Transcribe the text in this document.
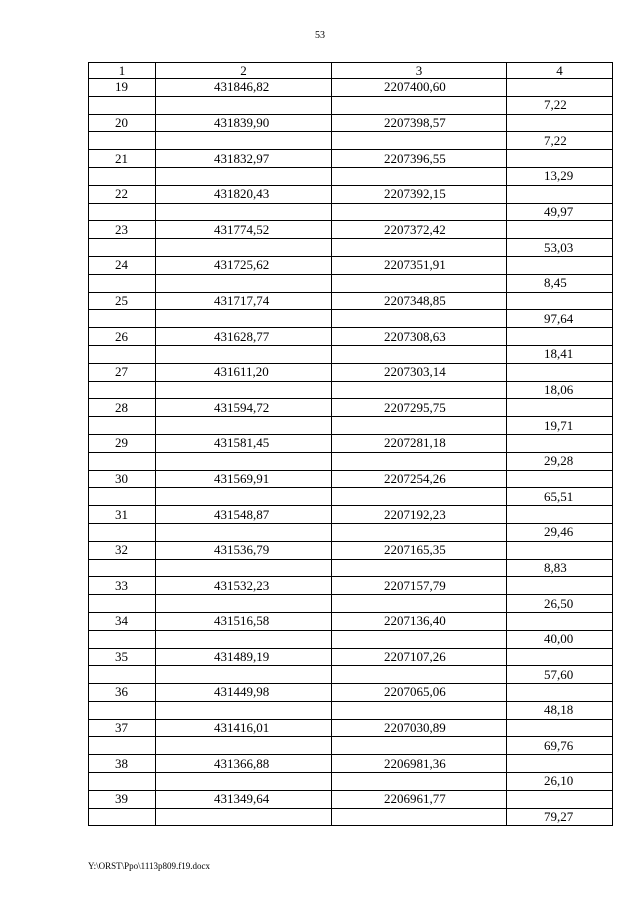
53
1	2	3	4
19	431846,82	2207400,60	
			7,22
20	431839,90	2207398,57	
			7,22
21	431832,97	2207396,55	
			13,29
22	431820,43	2207392,15	
			49,97
23	431774,52	2207372,42	
			53,03
24	431725,62	2207351,91	
			8,45
25	431717,74	2207348,85	
			97,64
26	431628,77	2207308,63	
			18,41
27	431611,20	2207303,14	
			18,06
28	431594,72	2207295,75	
			19,71
29	431581,45	2207281,18	
			29,28
30	431569,91	2207254,26	
			65,51
31	431548,87	2207192,23	
			29,46
32	431536,79	2207165,35	
			8,83
33	431532,23	2207157,79	
			26,50
34	431516,58	2207136,40	
			40,00
35	431489,19	2207107,26	
			57,60
36	431449,98	2207065,06	
			48,18
37	431416,01	2207030,89	
			69,76
38	431366,88	2206981,36	
			26,10
39	431349,64	2206961,77	
			79,27
Y:\ORST\Ppo\1113p809.f19.docx
